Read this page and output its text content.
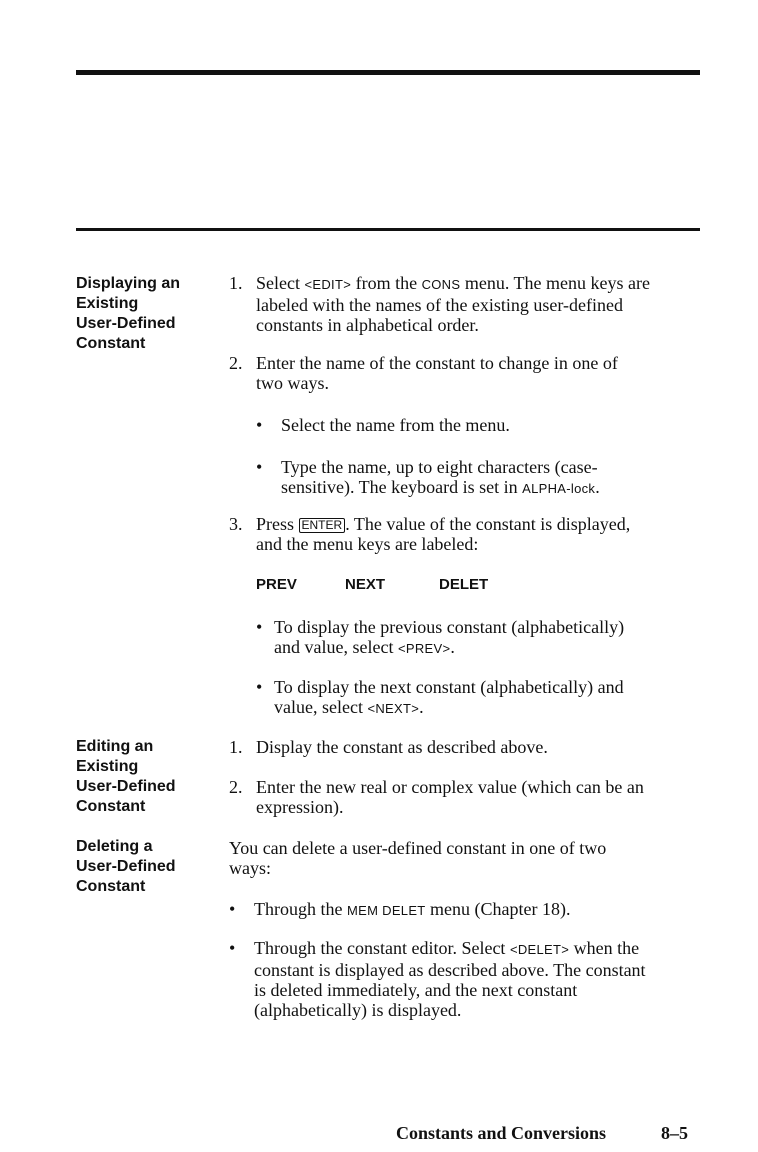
Displaying an
Existing
User-Defined
Constant
1. Select <EDIT> from the CONS menu. The menu keys are
labeled with the names of the existing user-defined
constants in alphabetical order.
2. Enter the name of the constant to change in one of
two ways.
• Select the name from the menu.
• Type the name, up to eight characters (case-
sensitive). The keyboard is set in ALPHA-lock.
3. Press ENTER . The value of the constant is displayed,
and the menu keys are labeled:
PREV	NEXT	DELET
• To display the previous constant (alphabetically)
and value, select <PREV>.
• To display the next constant (alphabetically) and
value, select <NEXT>.
Editing an
Existing
User-Defined
Constant
1. Display the constant as described above.
2. Enter the new real or complex value (which can be an
expression).
Deleting a
User-Defined
Constant
You can delete a user-defined constant in one of two
ways:
• Through the MEM DELET menu (Chapter 18).
• Through the constant editor. Select <DELET> when the
constant is displayed as described above. The constant
is deleted immediately, and the next constant
(alphabetically) is displayed.
Constants and Conversions	8–5
